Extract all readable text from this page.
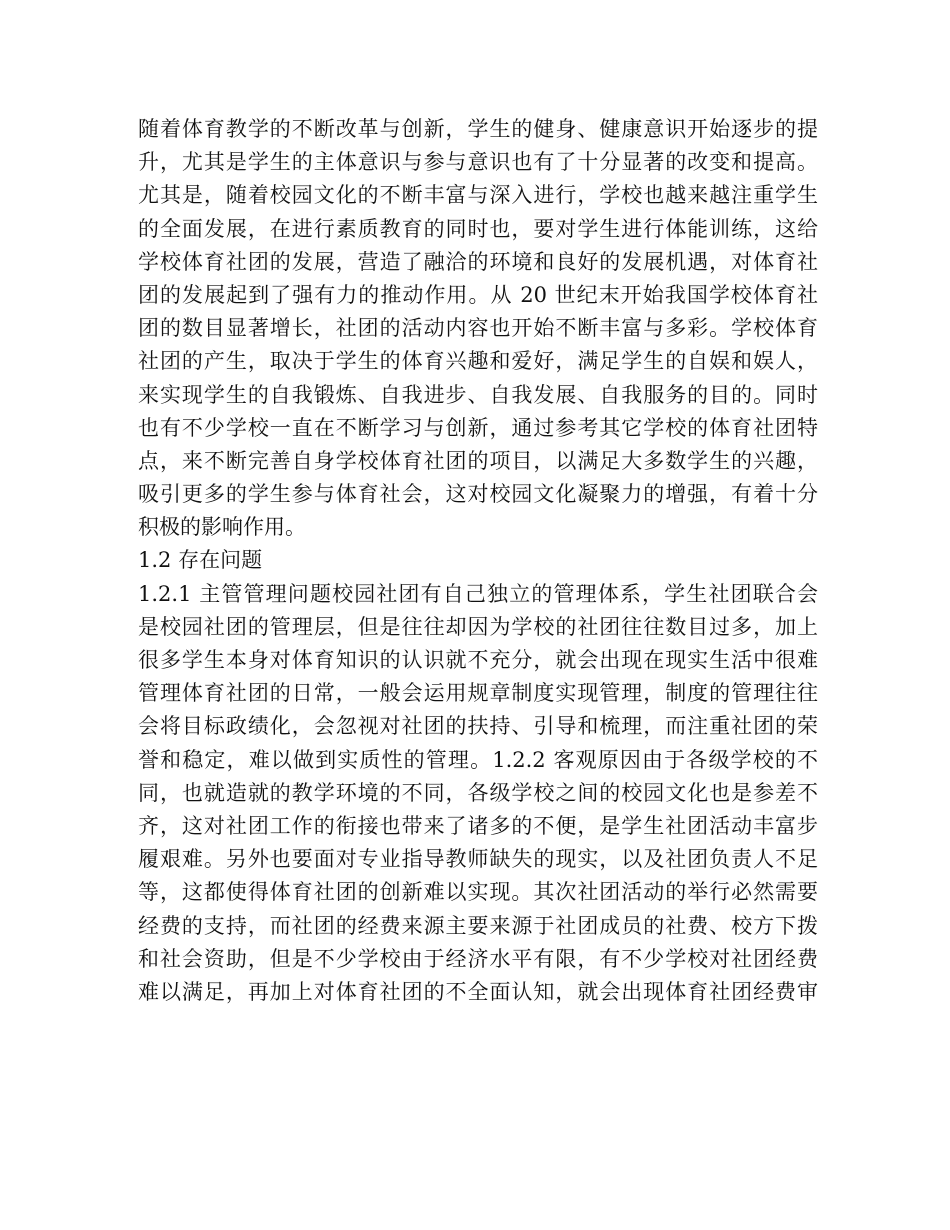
随着体育教学的不断改革与创新，学生的健身、健康意识开始逐步的提
升，尤其是学生的主体意识与参与意识也有了十分显著的改变和提高。
尤其是，随着校园文化的不断丰富与深入进行，学校也越来越注重学生
的全面发展，在进行素质教育的同时也，要对学生进行体能训练，这给
学校体育社团的发展，营造了融洽的环境和良好的发展机遇，对体育社
团的发展起到了强有力的推动作用。从 20 世纪末开始我国学校体育社
团的数目显著增长，社团的活动内容也开始不断丰富与多彩。学校体育
社团的产生，取决于学生的体育兴趣和爱好，满足学生的自娱和娱人，
来实现学生的自我锻炼、自我进步、自我发展、自我服务的目的。同时
也有不少学校一直在不断学习与创新，通过参考其它学校的体育社团特
点，来不断完善自身学校体育社团的项目，以满足大多数学生的兴趣，
吸引更多的学生参与体育社会，这对校园文化凝聚力的增强，有着十分
积极的影响作用。
1.2 存在问题
1.2.1 主管管理问题校园社团有自己独立的管理体系，学生社团联合会
是校园社团的管理层，但是往往却因为学校的社团往往数目过多，加上
很多学生本身对体育知识的认识就不充分，就会出现在现实生活中很难
管理体育社团的日常，一般会运用规章制度实现管理，制度的管理往往
会将目标政绩化，会忽视对社团的扶持、引导和梳理，而注重社团的荣
誉和稳定，难以做到实质性的管理。1.2.2 客观原因由于各级学校的不
同，也就造就的教学环境的不同，各级学校之间的校园文化也是参差不
齐，这对社团工作的衔接也带来了诸多的不便，是学生社团活动丰富步
履艰难。另外也要面对专业指导教师缺失的现实，以及社团负责人不足
等，这都使得体育社团的创新难以实现。其次社团活动的举行必然需要
经费的支持，而社团的经费来源主要来源于社团成员的社费、校方下拨
和社会资助，但是不少学校由于经济水平有限，有不少学校对社团经费
难以满足，再加上对体育社团的不全面认知，就会出现体育社团经费审
